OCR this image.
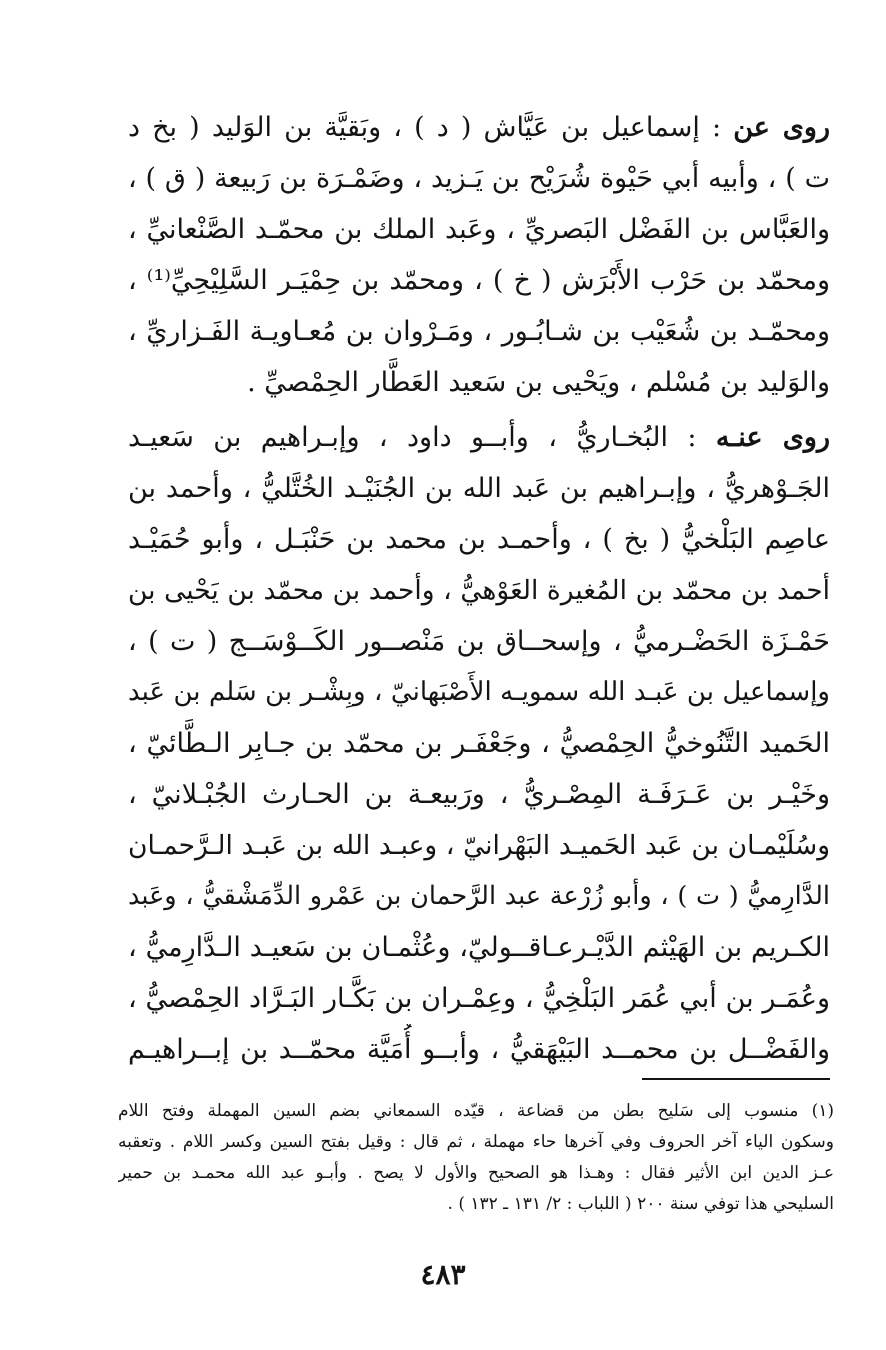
روى عن : إسماعيل بن عَيَّاش ( د ) ، وبَقيَّة بن الوَليد ( بخ د
ت ) ، وأبيه أبي حَيْوة شُرَيْح بن يَـزيد ، وضَمْـرَة بن رَبيعة ( ق ) ،
والعَبَّاس بن الفَضْل البَصريِّ ، وعَبد الملك بن محمّـد الصَّنْعانيِّ ،
ومحمّد بن حَرْب الأَبْرَش ( خ ) ، ومحمّد بن حِمْيَـر السَّلِيْحِيِّ⁽¹⁾ ،
ومحمّـد بن شُعَيْب بن شـابُـور ، ومَـرْوان بن مُعـاويـة الفَـزاريِّ ،
والوَليد بن مُسْلم ، ويَحْيى بن سَعيد العَطَّار الحِمْصيِّ .
روى عنـه : البُخـاريُّ ، وأبــو داود ، وإبـراهيم بن سَعيـد
الجَـوْهريُّ ، وإبـراهيم بن عَبد الله بن الجُنَيْـد الخُتَّليُّ ، وأحمد بن
عاصِم البَلْخيُّ ( بخ ) ، وأحمـد بن محمد بن حَنْبَـل ، وأبو حُمَيْـد
أحمد بن محمّد بن المُغيرة العَوْهيُّ ، وأحمد بن محمّد بن يَحْيى بن
حَمْـزَة الحَضْـرميُّ ، وإسحــاق بن مَنْصــور الكَــوْسَــج ( ت ) ،
وإسماعيل بن عَبـد الله سمويـه الأَصْبَهانيّ ، وبِشْـر بن سَلم بن عَبد
الحَميد التَّنُوخيُّ الحِمْصيُّ ، وجَعْفَـر بن محمّد بن جـابِر الـطَّائيّ ،
وخَيْـر بن عَـرَفَـة المِصْـريُّ ، ورَبيعـة بن الحـارث الجُبْـلانيّ ،
وسُلَيْمـان بن عَبد الحَميـد البَهْرانيّ ، وعبـد الله بن عَبـد الـرَّحمـان
الدَّارِميُّ ( ت ) ، وأبو زُرْعة عبد الرَّحمان بن عَمْرو الدِّمَشْقيُّ ، وعَبد
الكـريم بن الهَيْثم الدَّيْـرعـاقــوليّ، وعُثْمـان بن سَعيـد الـدَّارِميُّ ،
وعُمَـر بن أبي عُمَر البَلْخِيُّ ، وعِمْـران بن بَكَّـار البَـرَّاد الحِمْصيُّ ،
والفَضْــل بن محمــد البَيْهَقيُّ ، وأبــو أُمَيَّة محمّــد بن إبــراهيـم
(١) منسوب إلى سَليح بطن من قضاعة ، قيّده السمعاني بضم السين المهملة وفتح اللام
وسكون الياء آخر الحروف وفي آخرها حاء مهملة ، ثم قال : وقيل بفتح السين وكسر اللام . وتعقبه
عـز الدين ابن الأثير فقال : وهـذا هو الصحيح والأول لا يصح . وأبـو عبد الله محمـد بن حمير
السليحي هذا توفي سنة ٢٠٠ ( اللباب : ٢/ ١٣١ ـ ١٣٢ ) .
٤٨٣
